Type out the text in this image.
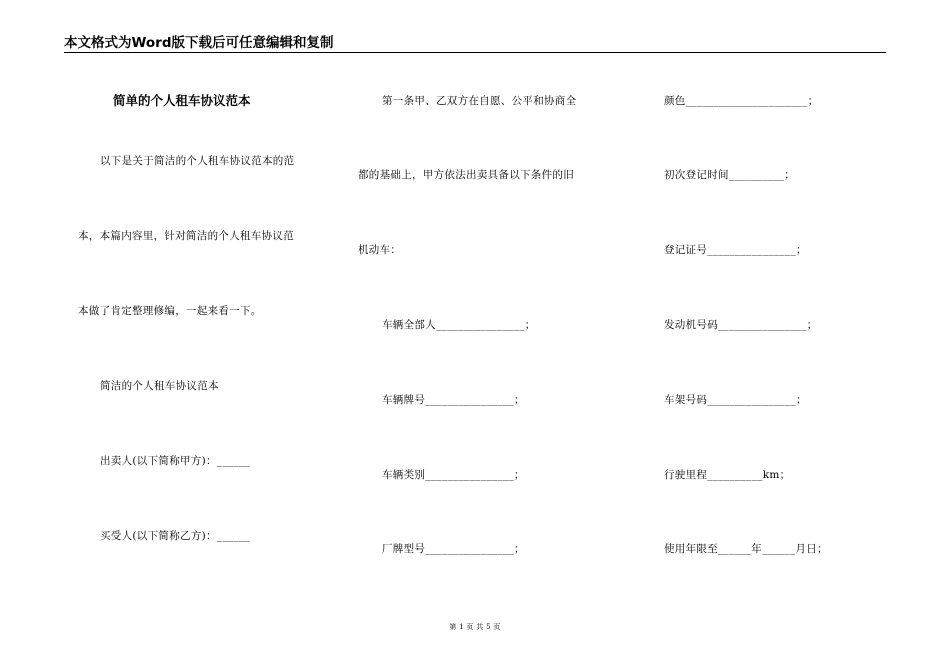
本文格式为Word版下载后可任意编辑和复制
简单的个人租车协议范本
以下是关于简洁的个人租车协议范本的范
本，本篇内容里，针对简洁的个人租车协议范
本做了肯定整理修编，一起来看一下。
简洁的个人租车协议范本
出卖人(以下简称甲方)：______
买受人(以下简称乙方)：______
第一条甲、乙双方在自愿、公平和协商全
都的基础上，甲方依法出卖具备以下条件的旧
机动车：
车辆全部人________________；
车辆牌号________________；
车辆类别________________；
厂牌型号________________；
颜色______________________；
初次登记时间__________；
登记证号________________；
发动机号码________________；
车架号码________________；
行驶里程__________km；
使用年限至______年______月日；
第 1 页 共 5 页
